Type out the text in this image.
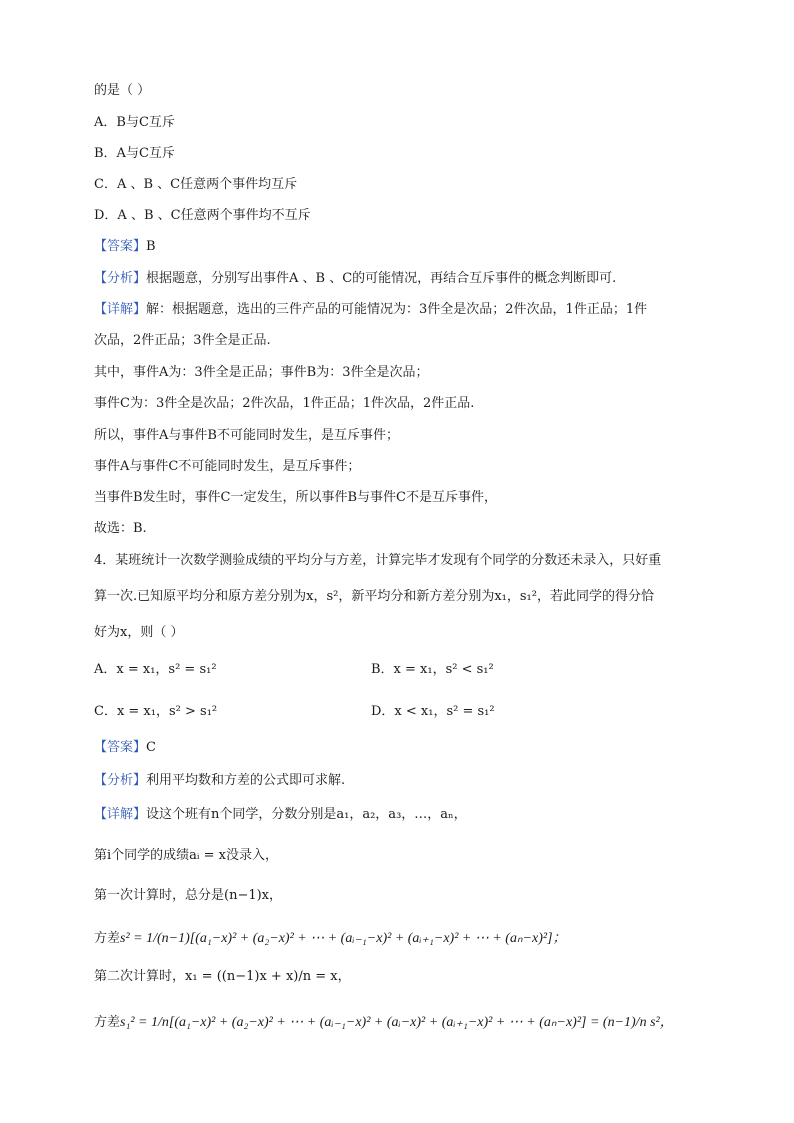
的是（ ）
A．B与C互斥
B．A与C互斥
C．A 、B 、C任意两个事件均互斥
D．A 、B 、C任意两个事件均不互斥
【答案】B
【分析】根据题意，分别写出事件A 、B 、C的可能情况，再结合互斥事件的概念判断即可.
【详解】解：根据题意，选出的三件产品的可能情况为：3件全是次品；2件次品，1件正品；1件
次品，2件正品；3件全是正品.
其中，事件A为：3件全是正品；事件B为：3件全是次品；
事件C为：3件全是次品；2件次品，1件正品；1件次品，2件正品.
所以，事件A与事件B不可能同时发生，是互斥事件；
事件A与事件C不可能同时发生，是互斥事件；
当事件B发生时，事件C一定发生，所以事件B与事件C不是互斥事件，
故选：B.
4．某班统计一次数学测验成绩的平均分与方差，计算完毕才发现有个同学的分数还未录入，只好重
算一次.已知原平均分和原方差分别为x，s²，新平均分和新方差分别为x₁，s₁²，若此同学的得分恰
好为x，则（ ）
A．x = x₁，s² = s₁²	B．x = x₁，s² < s₁²
C．x = x₁，s² > s₁²	D．x < x₁，s² = s₁²
【答案】C
【分析】利用平均数和方差的公式即可求解.
【详解】设这个班有n个同学，分数分别是a₁，a₂，a₃，…，aₙ，
第i个同学的成绩aᵢ = x没录入，
第一次计算时，总分是(n−1)x，
方差s² = 1/(n−1)[(a₁−x)² + (a₂−x)² + ⋯ + (aᵢ₋₁−x)² + (aᵢ₊₁−x)² + ⋯ + (aₙ−x)²]；
第二次计算时，x₁ = ((n−1)x + x)/n = x，
方差s₁² = 1/n[(a₁−x)² + (a₂−x)² + ⋯ + (aᵢ₋₁−x)² + (aᵢ−x)² + (aᵢ₊₁−x)² + ⋯ + (aₙ−x)²] = (n−1)/n s²，
